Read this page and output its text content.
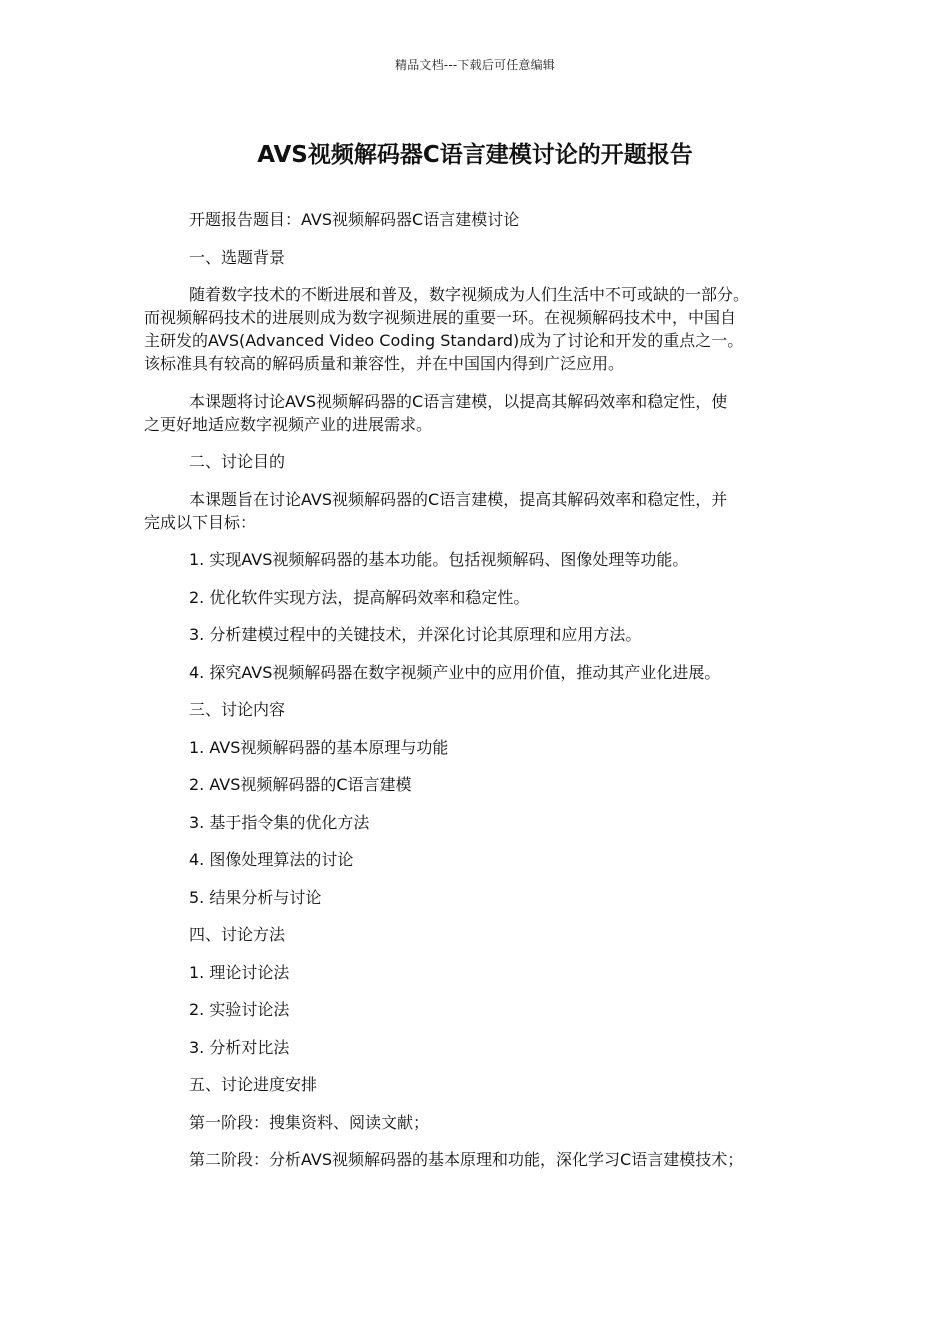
精品文档---下载后可任意编辑
AVS视频解码器C语言建模讨论的开题报告

开题报告题目：AVS视频解码器C语言建模讨论

一、选题背景

随着数字技术的不断进展和普及，数字视频成为人们生活中不可或缺的一部分。
而视频解码技术的进展则成为数字视频进展的重要一环。在视频解码技术中，中国自
主研发的AVS(Advanced Video Coding Standard)成为了讨论和开发的重点之一。
该标准具有较高的解码质量和兼容性，并在中国国内得到广泛应用。
本课题将讨论AVS视频解码器的C语言建模，以提高其解码效率和稳定性，使
之更好地适应数字视频产业的进展需求。

二、讨论目的

本课题旨在讨论AVS视频解码器的C语言建模，提高其解码效率和稳定性，并
完成以下目标：

1. 实现AVS视频解码器的基本功能。包括视频解码、图像处理等功能。

2. 优化软件实现方法，提高解码效率和稳定性。

3. 分析建模过程中的关键技术，并深化讨论其原理和应用方法。

4. 探究AVS视频解码器在数字视频产业中的应用价值，推动其产业化进展。

三、讨论内容

1. AVS视频解码器的基本原理与功能

2. AVS视频解码器的C语言建模

3. 基于指令集的优化方法

4. 图像处理算法的讨论

5. 结果分析与讨论

四、讨论方法

1. 理论讨论法

2. 实验讨论法

3. 分析对比法

五、讨论进度安排

第一阶段：搜集资料、阅读文献；

第二阶段：分析AVS视频解码器的基本原理和功能，深化学习C语言建模技术；
